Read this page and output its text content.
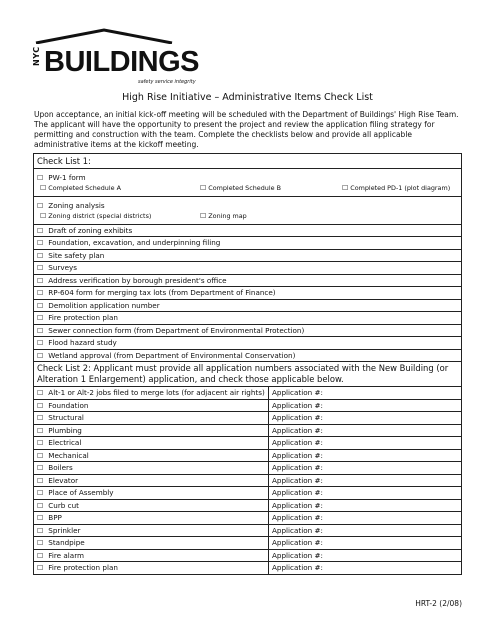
NYC BUILDINGS
safety service integrity
High Rise Initiative – Administrative Items Check List
Upon acceptance, an initial kick-off meeting will be scheduled with the Department of Buildings' High Rise Team. The applicant will have the opportunity to present the project and review the application filing strategy for permitting and construction with the team. Complete the checklists below and provide all applicable administrative items at the kickoff meeting.
Check List 1:

☐ PW-1 form
☐ Completed Schedule A	☐ Completed Schedule B	☐ Completed PD-1 (plot diagram)

☐ Zoning analysis
☐ Zoning district (special districts)	☐ Zoning map

☐ Draft of zoning exhibits
☐ Foundation, excavation, and underpinning filing
☐ Site safety plan
☐ Surveys
☐ Address verification by borough president's office
☐ RP-604 form for merging tax lots (from Department of Finance)
☐ Demolition application number
☐ Fire protection plan
☐ Sewer connection form (from Department of Environmental Protection)
☐ Flood hazard study
☐ Wetland approval (from Department of Environmental Conservation)
Check List 2: Applicant must provide all application numbers associated with the New Building (or Alteration 1 Enlargement) application, and check those applicable below.	
☐ Alt-1 or Alt-2 jobs filed to merge lots (for adjacent air rights)	Application #:
☐ Foundation	Application #:
☐ Structural	Application #:
☐ Plumbing	Application #:
☐ Electrical	Application #:
☐ Mechanical	Application #:
☐ Boilers	Application #:
☐ Elevator	Application #:
☐ Place of Assembly	Application #:
☐ Curb cut	Application #:
☐ BPP	Application #:
☐ Sprinkler	Application #:
☐ Standpipe	Application #:
☐ Fire alarm	Application #:
☐ Fire protection plan	Application #:
HRT-2 (2/08)
